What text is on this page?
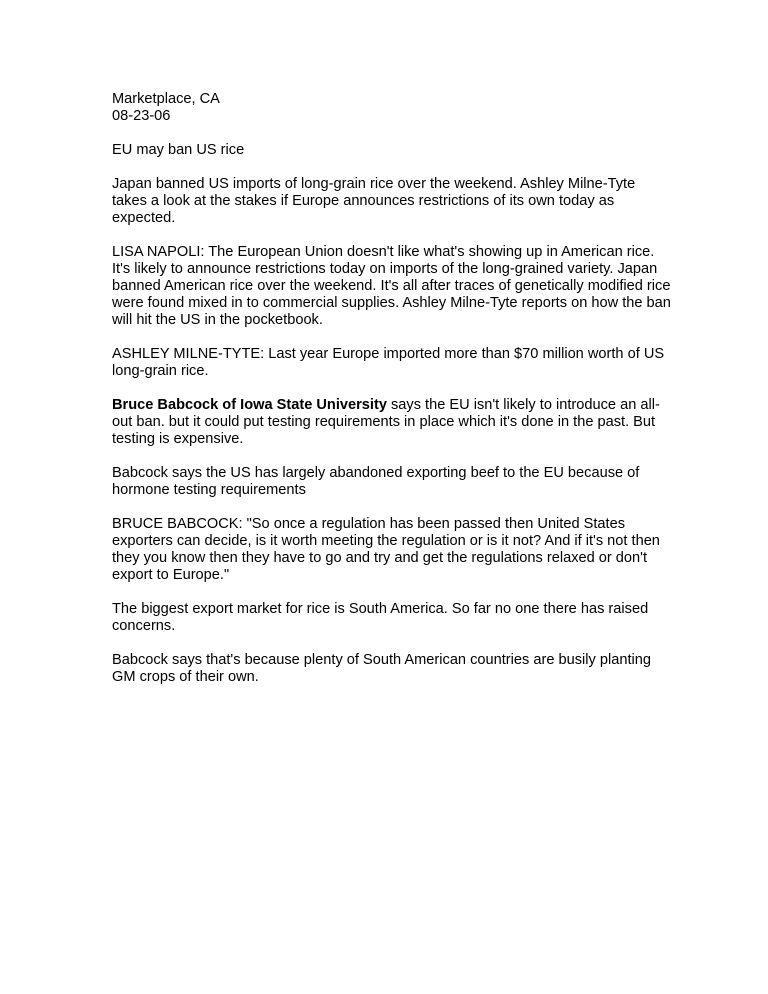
Marketplace, CA
08-23-06

EU may ban US rice

Japan banned US imports of long-grain rice over the weekend. Ashley Milne-Tyte takes a look at the stakes if Europe announces restrictions of its own today as expected.

LISA NAPOLI: The European Union doesn't like what's showing up in American rice. It's likely to announce restrictions today on imports of the long-grained variety. Japan banned American rice over the weekend. It's all after traces of genetically modified rice were found mixed in to commercial supplies. Ashley Milne-Tyte reports on how the ban will hit the US in the pocketbook.

ASHLEY MILNE-TYTE: Last year Europe imported more than $70 million worth of US long-grain rice.

Bruce Babcock of Iowa State University says the EU isn't likely to introduce an all-out ban. but it could put testing requirements in place which it's done in the past. But testing is expensive.

Babcock says the US has largely abandoned exporting beef to the EU because of hormone testing requirements

BRUCE BABCOCK: "So once a regulation has been passed then United States exporters can decide, is it worth meeting the regulation or is it not? And if it's not then they you know then they have to go and try and get the regulations relaxed or don't export to Europe."

The biggest export market for rice is South America. So far no one there has raised concerns.

Babcock says that's because plenty of South American countries are busily planting GM crops of their own.
